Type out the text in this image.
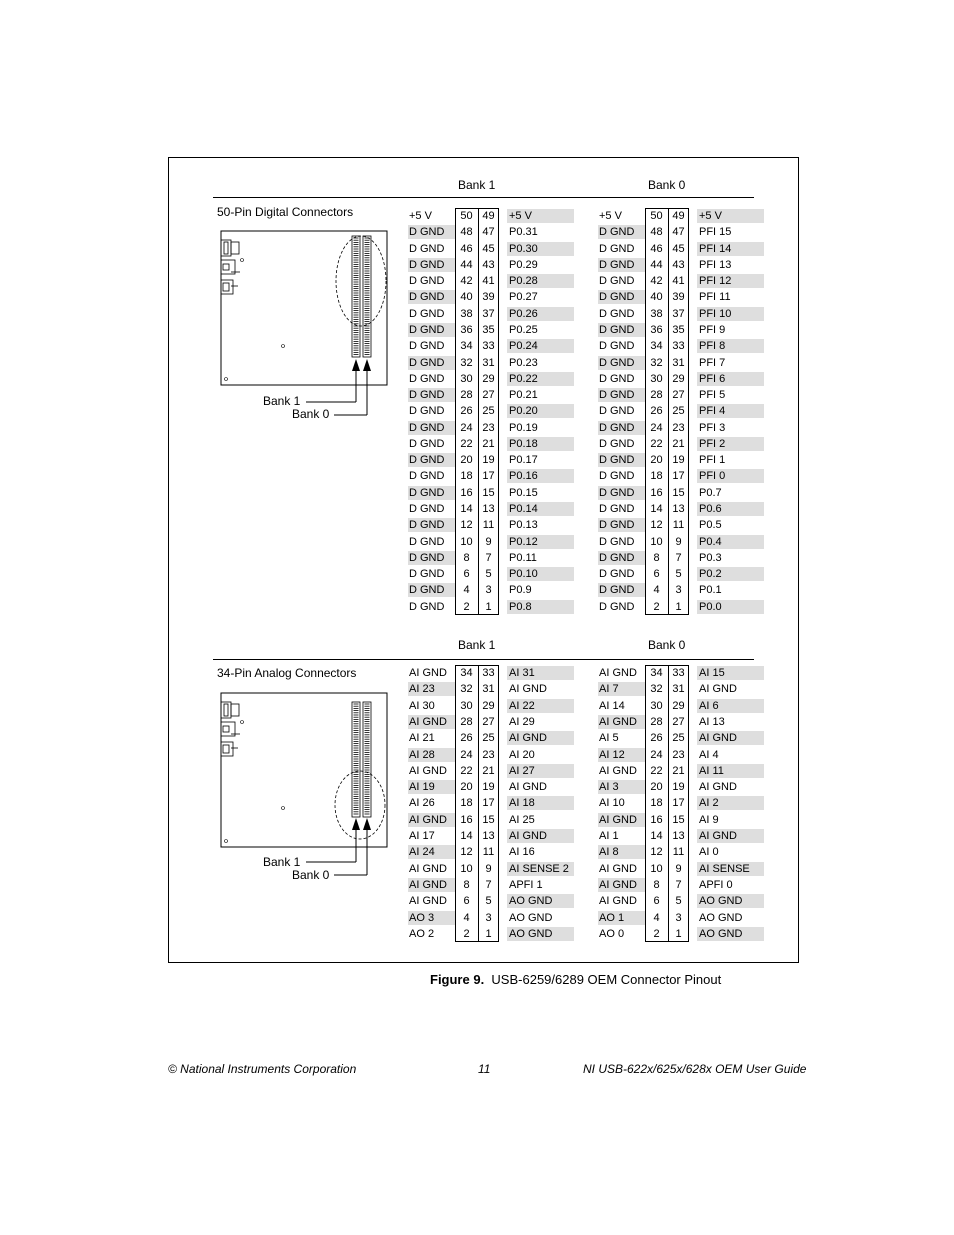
Bank 1	Bank 0
50-Pin Digital Connectors	+5 V	50 49	+5 V
D GND	48 47	P0.31
D GND	46 45	P0.30
D GND	44 43	P0.29
D GND	42 41	P0.28
D GND	40 39	P0.27
D GND	38 37	P0.26
D GND	36 35	P0.25
D GND	34 33	P0.24
D GND	32 31	P0.23
D GND	30 29	P0.22
D GND	28 27	P0.21
D GND	26 25	P0.20
D GND	24 23	P0.19
D GND	22 21	P0.18
D GND	20 19	P0.17
D GND	18 17	P0.16
D GND	16 15	P0.15
D GND	14 13	P0.14
D GND	12 11	P0.13
D GND	10	9	P0.12
D GND	8	7	P0.11
D GND	6	5	P0.10
D GND	4	3	P0.9
D GND	2	1	P0.8
+5 V	50 49	+5 V
D GND	48 47	PFI 15
D GND	46 45	PFI 14
D GND	44 43	PFI 13
D GND	42 41	PFI 12
D GND	40 39	PFI 11
D GND	38 37	PFI 10
D GND	36 35	PFI 9
D GND	34 33	PFI 8
D GND	32 31	PFI 7
D GND	30 29	PFI 6
D GND	28 27	PFI 5
D GND	26 25	PFI 4
D GND	24 23	PFI 3
D GND	22 21	PFI 2
D GND	20 19	PFI 1
D GND	18 17	PFI 0
D GND	16 15	P0.7
D GND	14 13	P0.6
D GND	12 11	P0.5
D GND	10	9	P0.4
D GND	8	7	P0.3
D GND	6	5	P0.2
D GND	4	3	P0.1
D GND	2	1	P0.0
Bank 1
Bank 0
Bank 1	Bank 0
34-Pin Analog Connectors	AI GND	34 33	AI 31
AI 23	32 31	AI GND
AI 30	30 29	AI 22
AI GND	28 27	AI 29
AI 21	26 25	AI GND
AI 28	24 23	AI 20
AI GND	22 21	AI 27
AI 19	20 19	AI GND
AI 26	18 17	AI 18
AI GND	16 15	AI 25
AI 17	14 13	AI GND
AI 24	12 11	AI 16
AI GND	10	9	AI SENSE 2
AI GND	8	7	APFI 1
AI GND	6	5	AO GND
AO 3	4	3	AO GND
AO 2	2	1	AO GND
AI GND	34 33	AI 15
AI 7	32 31	AI GND
AI 14	30 29	AI 6
AI GND	28 27	AI 13
AI 5	26 25	AI GND
AI 12	24 23	AI 4
AI GND	22 21	AI 11
AI 3	20 19	AI GND
AI 10	18 17	AI 2
AI GND	16 15	AI 9
AI 1	14 13	AI GND
AI 8	12 11	AI 0
AI GND	10	9	AI SENSE
AI GND	8	7	APFI 0
AI GND	6	5	AO GND
AO 1	4	3	AO GND
AO 0	2	1	AO GND
Bank 1
Bank 0
Figure 9. USB-6259/6289 OEM Connector Pinout
© National Instruments Corporation	11	NI USB-622x/625x/628x OEM User Guide
